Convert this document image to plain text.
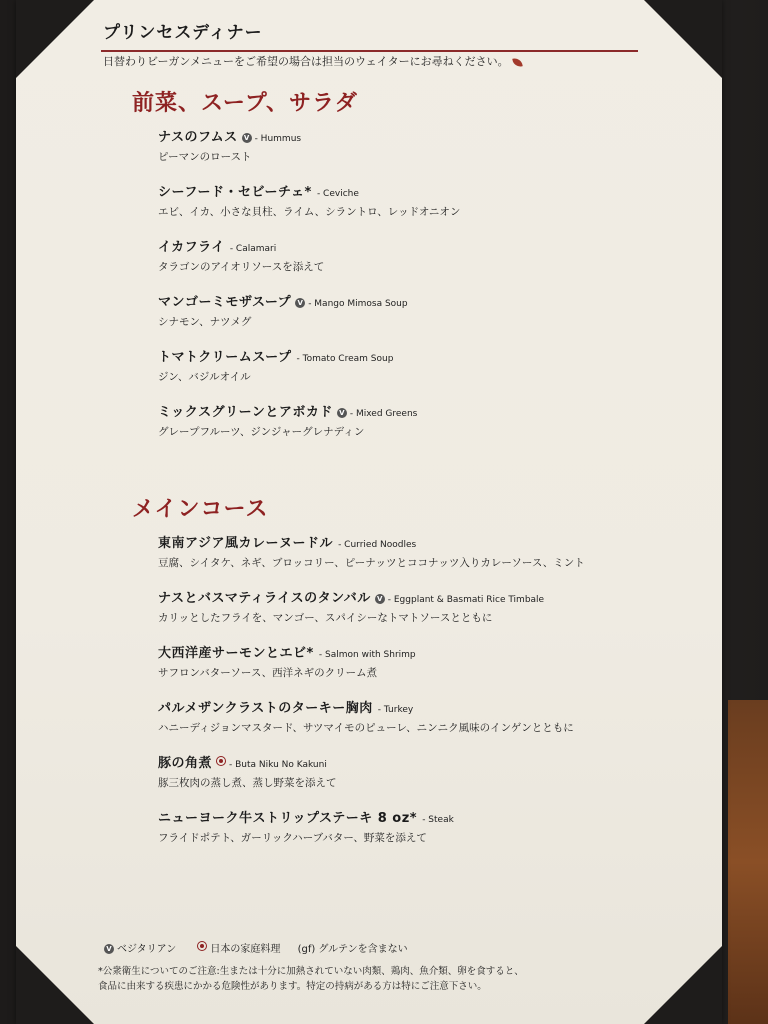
プリンセスディナー
日替わりビーガンメニューをご希望の場合は担当のウェイターにお尋ねください。
前菜、スープ、サラダ
ナスのフムス V - Hummus
ピーマンのロースト
シーフード・セビーチェ* - Ceviche
エビ、イカ、小さな貝柱、ライム、シラントロ、レッドオニオン
イカフライ - Calamari
タラゴンのアイオリソースを添えて
マンゴーミモザスープ V - Mango Mimosa Soup
シナモン、ナツメグ
トマトクリームスープ - Tomato Cream Soup
ジン、バジルオイル
ミックスグリーンとアボカド V - Mixed Greens
グレープフルーツ、ジンジャーグレナディン
メインコース
東南アジア風カレーヌードル - Curried Noodles
豆腐、シイタケ、ネギ、ブロッコリー、ピーナッツとココナッツ入りカレーソース、ミント
ナスとバスマティライスのタンバル V - Eggplant & Basmati Rice Timbale
カリッとしたフライを、マンゴー、スパイシーなトマトソースとともに
大西洋産サーモンとエビ* - Salmon with Shrimp
サフロンバターソース、西洋ネギのクリーム煮
パルメザンクラストのターキー胸肉 - Turkey
ハニーディジョンマスタード、サツマイモのピューレ、ニンニク風味のインゲンとともに
豚の角煮 - Buta Niku No Kakuni
豚三枚肉の蒸し煮、蒸し野菜を添えて
ニューヨーク牛ストリップステーキ 8 oz* - Steak
フライドポテト、ガーリックハーブバター、野菜を添えて
V ベジタリアン	日本の家庭料理 (gf) グルテンを含まない
*公衆衛生についてのご注意:生または十分に加熱されていない肉類、鶏肉、魚介類、卵を食すると、
食品に由来する疾患にかかる危険性があります。特定の持病がある方は特にご注意下さい。
